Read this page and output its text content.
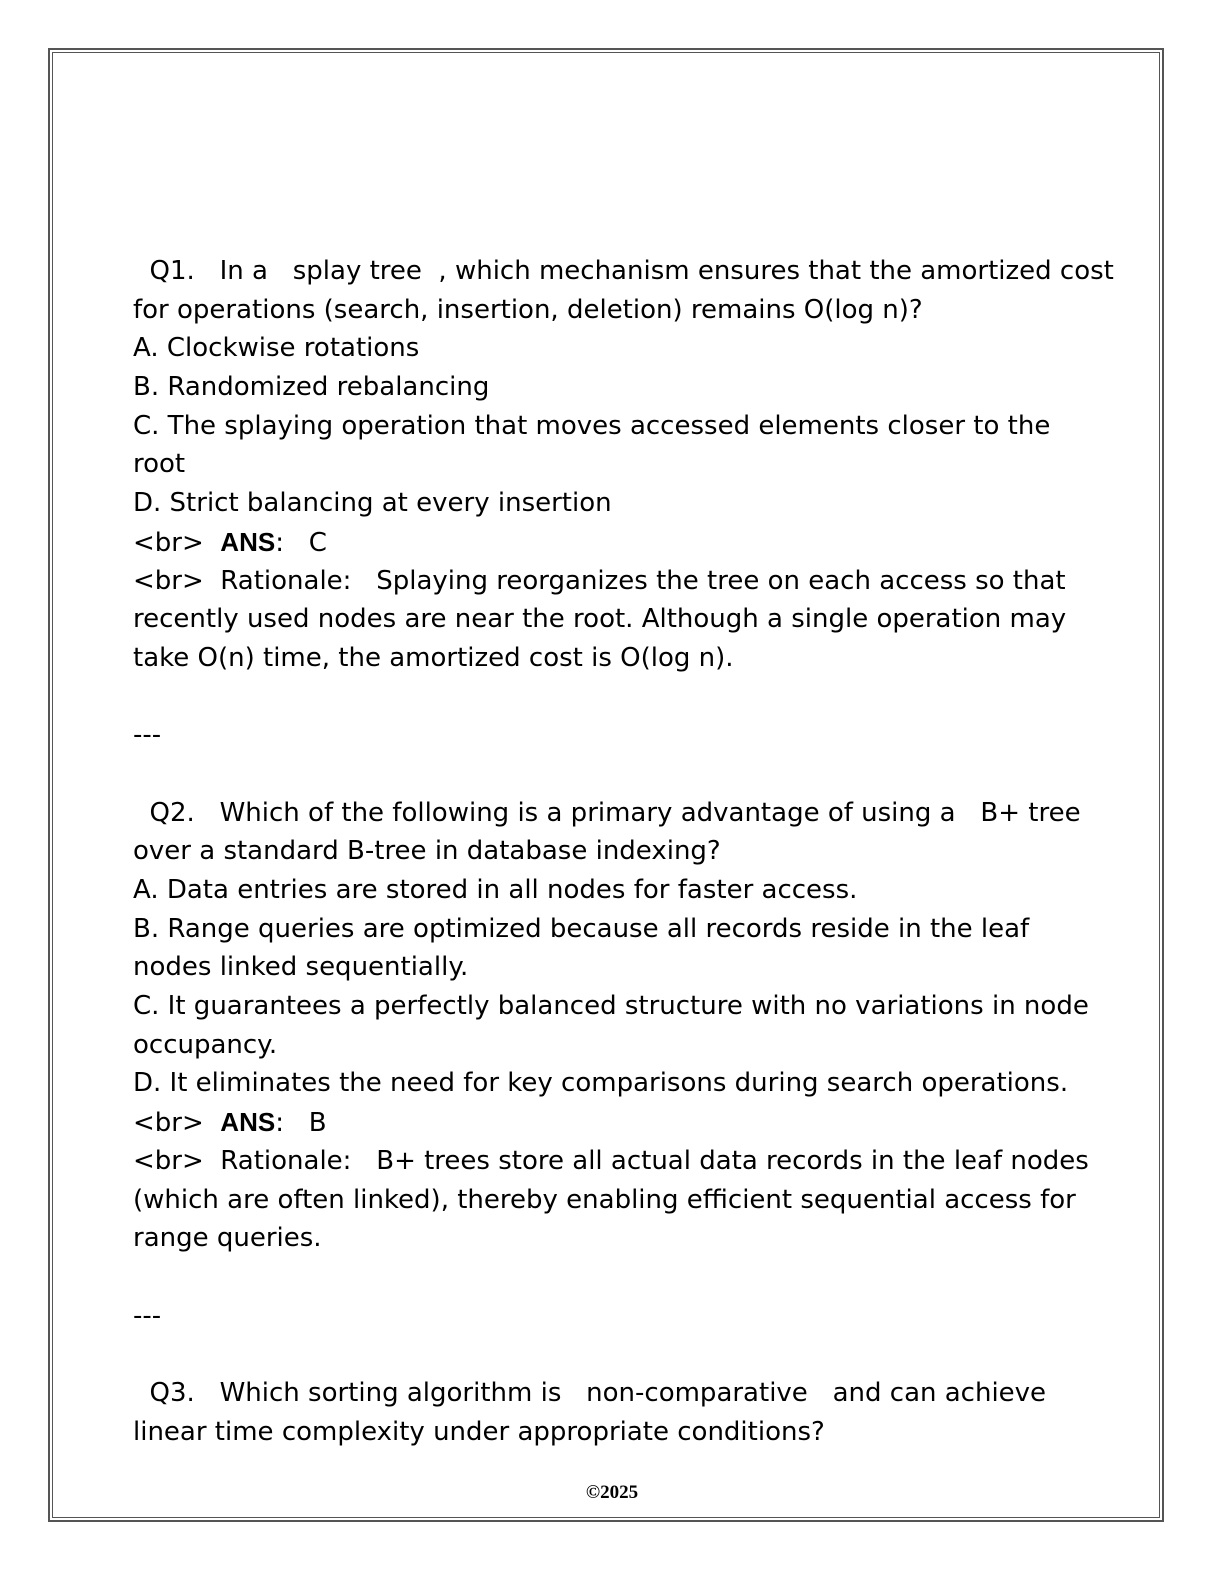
Q1.   In a   splay tree  , which mechanism ensures that the amortized cost
for operations (search, insertion, deletion) remains O(log n)?
A. Clockwise rotations
B. Randomized rebalancing
C. The splaying operation that moves accessed elements closer to the
root
D. Strict balancing at every insertion
<br>  ANS:   C
<br>  Rationale:   Splaying reorganizes the tree on each access so that
recently used nodes are near the root. Although a single operation may
take O(n) time, the amortized cost is O(log n).
---
Q2.   Which of the following is a primary advantage of using a   B+ tree
over a standard B-tree in database indexing?
A. Data entries are stored in all nodes for faster access.
B. Range queries are optimized because all records reside in the leaf
nodes linked sequentially.
C. It guarantees a perfectly balanced structure with no variations in node
occupancy.
D. It eliminates the need for key comparisons during search operations.
<br>  ANS:   B
<br>  Rationale:   B+ trees store all actual data records in the leaf nodes
(which are often linked), thereby enabling efficient sequential access for
range queries.
---
Q3.   Which sorting algorithm is   non-comparative   and can achieve
linear time complexity under appropriate conditions?
©2025
